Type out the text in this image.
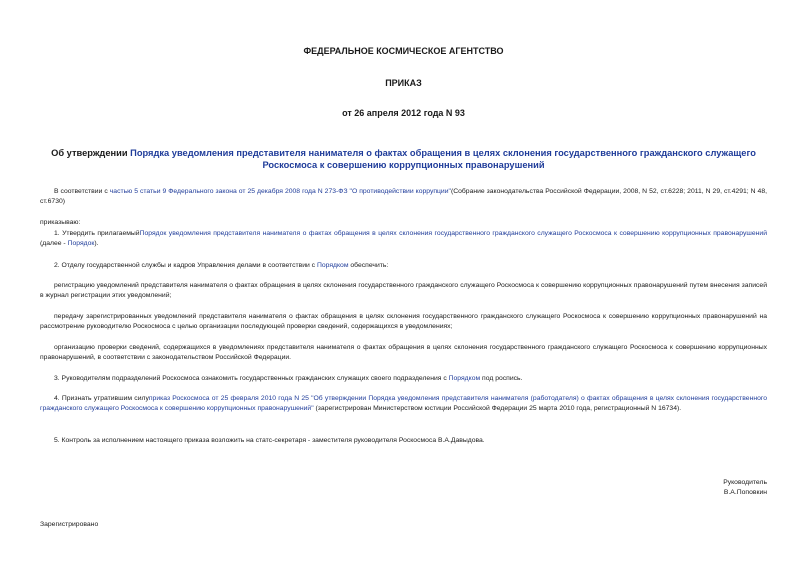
ФЕДЕРАЛЬНОЕ КОСМИЧЕСКОЕ АГЕНТСТВО
ПРИКАЗ
от 26 апреля 2012 года N 93
Об утверждении Порядка уведомления представителя нанимателя о фактах обращения в целях склонения государственного гражданского служащего Роскосмоса к совершению коррупционных правонарушений
В соответствии с частью 5 статьи 9 Федерального закона от 25 декабря 2008 года N 273-ФЗ "О противодействии коррупции"(Собрание законодательства Российской Федерации, 2008, N 52, ст.6228; 2011, N 29, ст.4291; N 48, ст.6730)
приказываю:
1. Утвердить прилагаемыйПорядок уведомления представителя нанимателя о фактах обращения в целях склонения государственного гражданского служащего Роскосмоса к совершению коррупционных правонарушений (далее - Порядок).
2. Отделу государственной службы и кадров Управления делами в соответствии с Порядком обеспечить:
регистрацию уведомлений представителя нанимателя о фактах обращения в целях склонения государственного гражданского служащего Роскосмоса к совершению коррупционных правонарушений путем внесения записей в журнал регистрации этих уведомлений;
передачу зарегистрированных уведомлений представителя нанимателя о фактах обращения в целях склонения государственного гражданского служащего Роскосмоса к совершению коррупционных правонарушений на рассмотрение руководителю Роскосмоса с целью организации последующей проверки сведений, содержащихся в уведомлениях;
организацию проверки сведений, содержащихся в уведомлениях представителя нанимателя о фактах обращения в целях склонения государственного гражданского служащего Роскосмоса к совершению коррупционных правонарушений, в соответствии с законодательством Российской Федерации.
3. Руководителям подразделений Роскосмоса ознакомить государственных гражданских служащих своего подразделения с Порядком под роспись.
4. Признать утратившим силуприказ Роскосмоса от 25 февраля 2010 года N 25 "Об утверждении Порядка уведомления представителя нанимателя (работодателя) о фактах обращения в целях склонения государственного гражданского служащего Роскосмоса к совершению коррупционных правонарушений" (зарегистрирован Министерством юстиции Российской Федерации 25 марта 2010 года, регистрационный N 16734).
5. Контроль за исполнением настоящего приказа возложить на статс-секретаря - заместителя руководителя Роскосмоса В.А.Давыдова.
Руководитель
В.А.Поповкин
Зарегистрировано
